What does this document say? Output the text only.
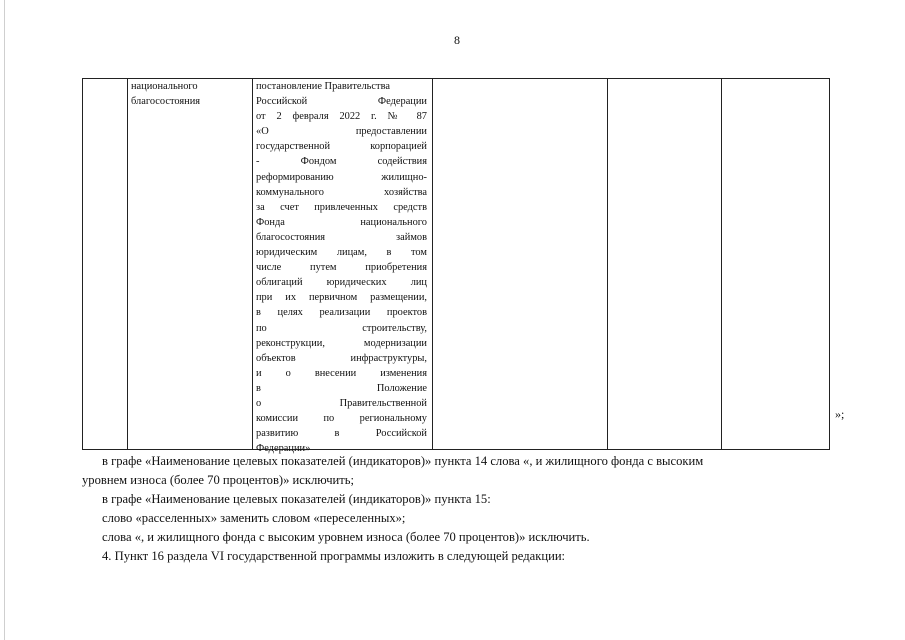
8
национального благосостояния
постановление Правительства
Российской Федерации
от 2 февраля 2022 г. № 87
«О предоставлении
государственной корпорацией
- Фондом содействия
реформированию жилищно-
коммунального хозяйства
за счет привлеченных средств
Фонда национального
благосостояния займов
юридическим лицам, в том
числе путем приобретения
облигаций юридических лиц
при их первичном размещении,
в целях реализации проектов
по строительству,
реконструкции, модернизации
объектов инфраструктуры,
и о внесении изменения
в Положение
о Правительственной
комиссии по региональному
развитию в Российской
Федерации»
»;
в графе «Наименование целевых показателей (индикаторов)» пункта 14 слова «, и жилищного фонда с высоким
уровнем износа (более 70 процентов)» исключить;
в графе «Наименование целевых показателей (индикаторов)» пункта 15:
слово «расселенных» заменить словом «переселенных»;
слова «, и жилищного фонда с высоким уровнем износа (более 70 процентов)» исключить.
4. Пункт 16 раздела VI государственной программы изложить в следующей редакции:
